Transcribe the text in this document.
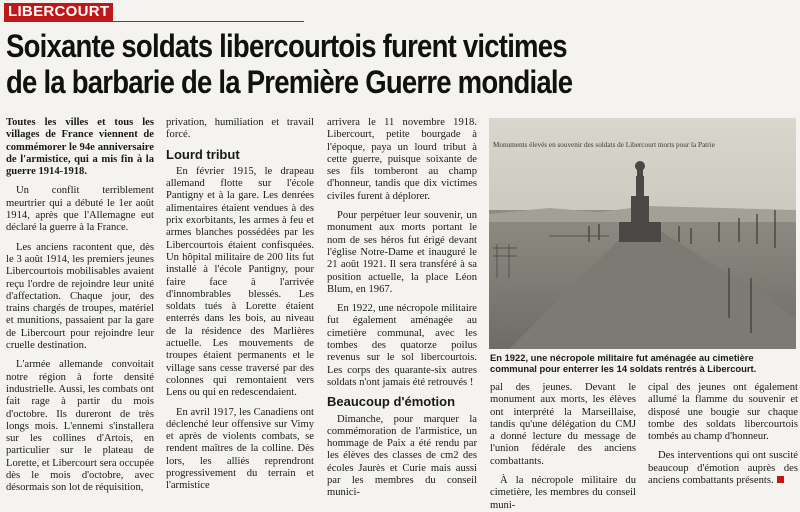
LIBERCOURT
Soixante soldats libercourtois furent victimes
de la barbarie de la Première Guerre mondiale

Toutes les villes et tous les villages de France viennent de commémorer le 94e anniversaire de l'armistice, qui a mis fin à la guerre 1914-1918.

Un conflit terriblement meurtrier qui a débuté le 1er août 1914, après que l'Allemagne eut déclaré la guerre à la France.

Les anciens racontent que, dès le 3 août 1914, les premiers jeunes Libercourtois mobilisables avaient reçu l'ordre de rejoindre leur unité d'affectation. Chaque jour, des trains chargés de troupes, matériel et munitions, passaient par la gare de Libercourt pour rejoindre leur cruelle destination.

L'armée allemande convoitait notre région à forte densité industrielle. Aussi, les combats ont fait rage à partir du mois d'octobre. Ils dureront de très longs mois. L'ennemi s'installera sur les collines d'Artois, en particulier sur le plateau de Lorette, et Libercourt sera occupée dès le mois d'octobre, avec désormais son lot de réquisition,

privation, humiliation et travail forcé.

Lourd tribut

En février 1915, le drapeau allemand flotte sur l'école Pantigny et à la gare. Les denrées alimentaires étaient vendues à des prix exorbitants, les armes à feu et armes blanches possédées par les Libercourtois étaient confisquées. Un hôpital militaire de 200 lits fut installé à l'école Pantigny, pour faire face à l'arrivée d'innombrables blessés. Les soldats tués à Lorette étaient enterrés dans les bois, au niveau de la résidence des Marlières actuelle. Les mouvements de troupes étaient permanents et le village sans cesse traversé par des colonnes qui remontaient vers Lens ou qui en redescendaient.

En avril 1917, les Canadiens ont déclenché leur offensive sur Vimy et après de violents combats, se rendent maîtres de la colline. Dès lors, les alliés reprendront progressivement du terrain et l'armistice

arrivera le 11 novembre 1918. Libercourt, petite bourgade à l'époque, paya un lourd tribut à cette guerre, puisque soixante de ses fils tomberont au champ d'honneur, tandis que dix victimes civiles furent à déplorer.

Pour perpétuer leur souvenir, un monument aux morts portant le nom de ses héros fut érigé devant l'église Notre-Dame et inauguré le 21 août 1921. Il sera transféré à sa position actuelle, la place Léon Blum, en 1967.

En 1922, une nécropole militaire fut également aménagée au cimetière communal, avec les tombes des quatorze poilus revenus sur le sol libercourtois. Les corps des quarante-six autres soldats n'ont jamais été retrouvés !

Beaucoup d'émotion

Dimanche, pour marquer la commémoration de l'armistice, un hommage de Paix a été rendu par les élèves des classes de cm2 des écoles Jaurès et Curie mais aussi par les membres du conseil munici-

Monuments élevés en souvenir des soldats de Libercourt morts pour la Patrie
En 1922, une nécropole militaire fut aménagée au cimetière communal pour enterrer les 14 soldats rentrés à Libercourt.

pal des jeunes. Devant le monument aux morts, les élèves ont interprété la Marseillaise, tandis qu'une délégation du CMJ a donné lecture du message de l'union fédérale des anciens combattants.

À la nécropole militaire du cimetière, les membres du conseil muni-

cipal des jeunes ont également allumé la flamme du souvenir et disposé une bougie sur chaque tombe des soldats libercourtois tombés au champ d'honneur.

Des interventions qui ont suscité beaucoup d'émotion auprès des anciens combattants présents.
